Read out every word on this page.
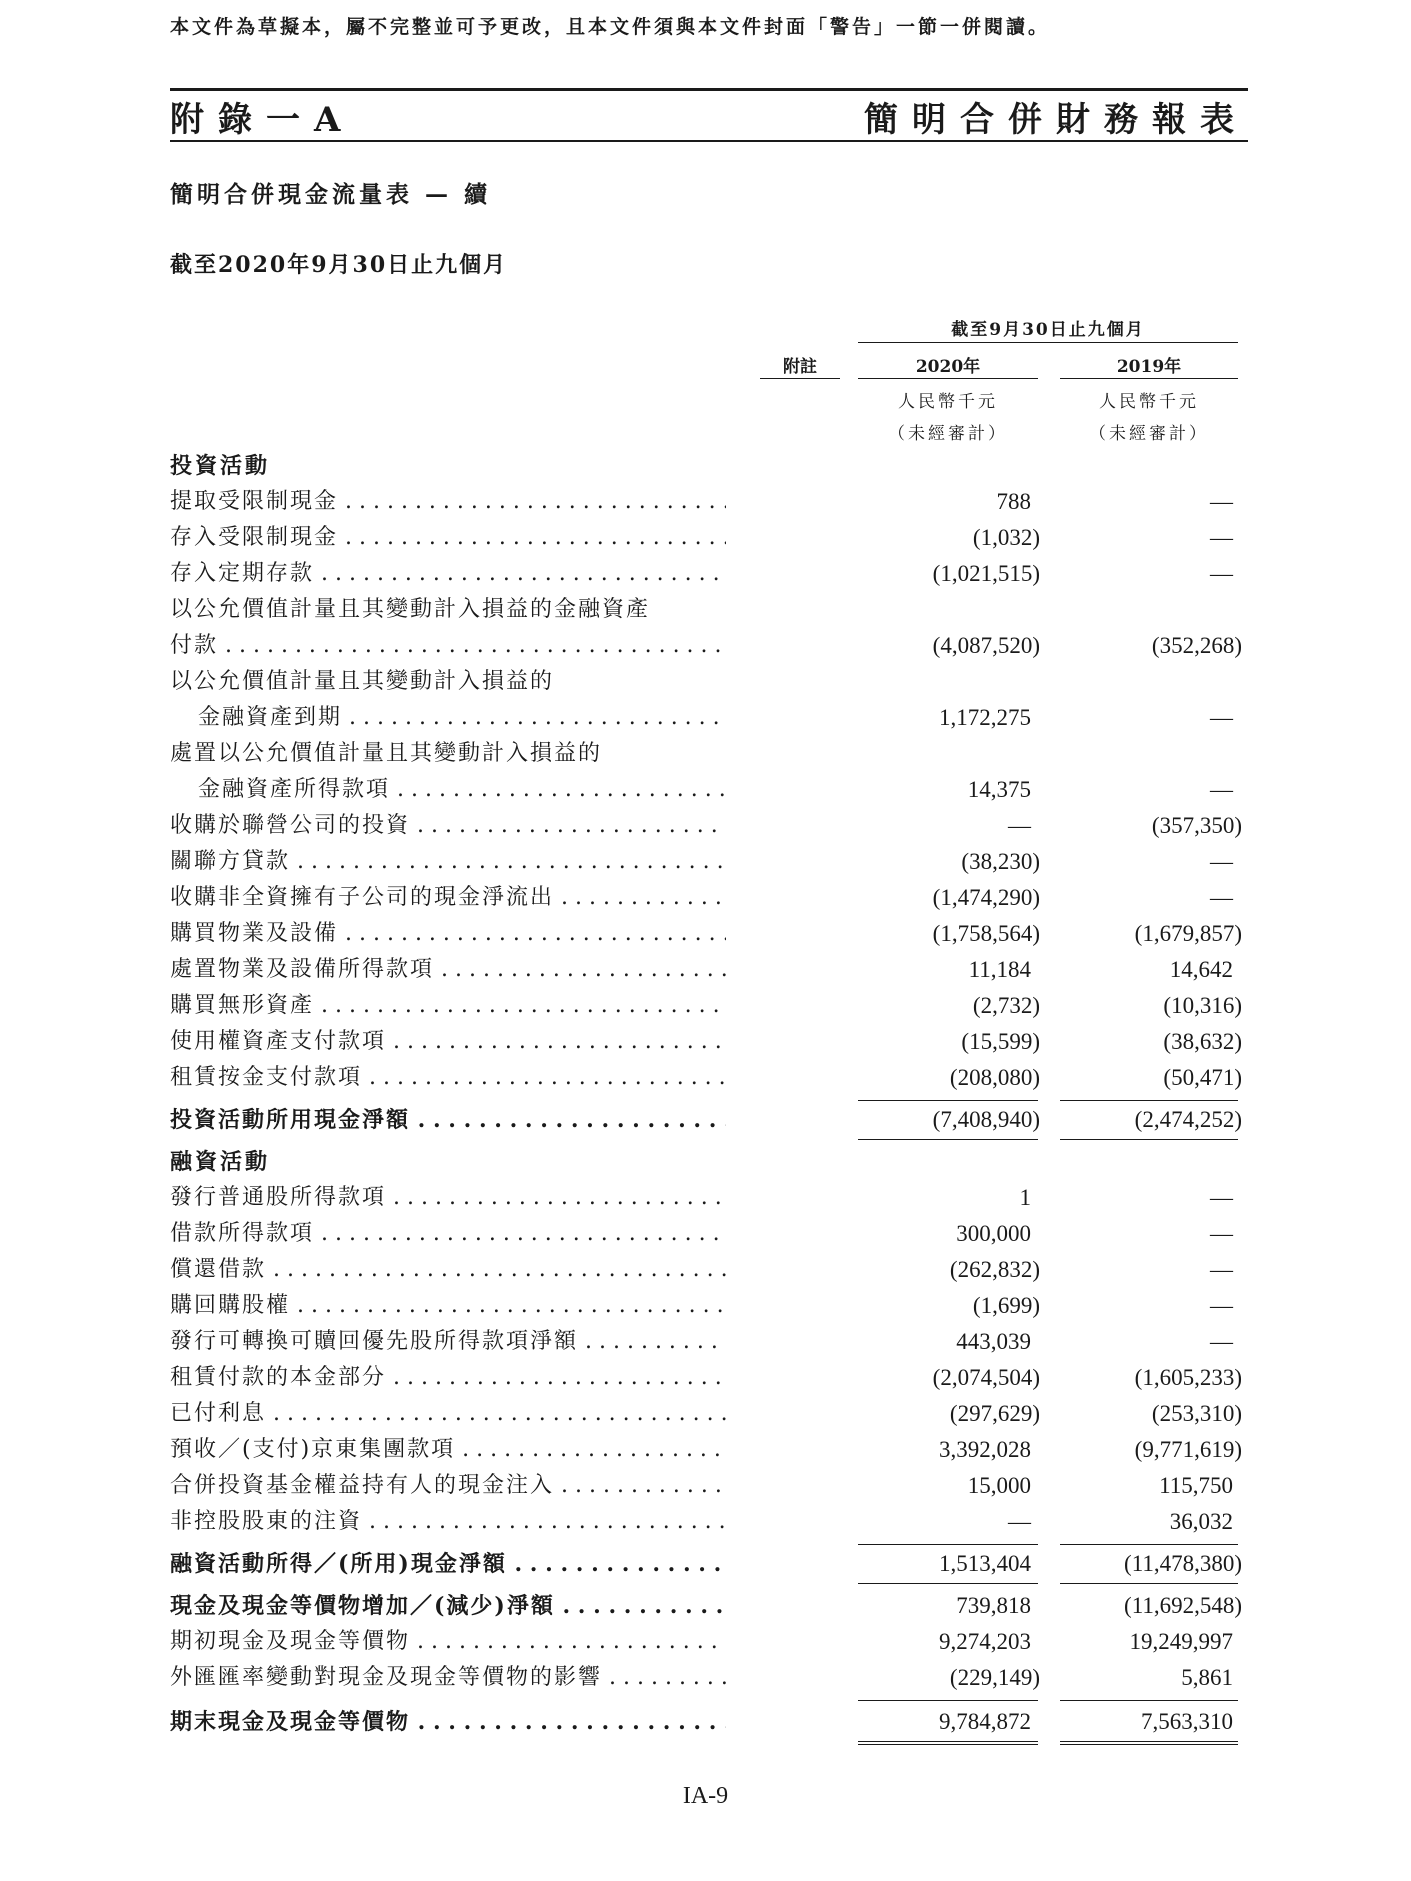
本文件為草擬本，屬不完整並可予更改，且本文件須與本文件封面「警告」一節一併閱讀。
附錄一A	簡明合併財務報表
簡明合併現金流量表 — 續
截至2020年9月30日止九個月
截至9月30日止九個月
附註	2020年	2019年
人民幣千元
（未經審計）
人民幣千元
（未經審計）
投資活動
提取受限制現金 . . .	788	—
存入受限制現金 . . .	(1,032)	—
存入定期存款 . . .	(1,021,515)	—
以公允價值計量且其變動計入損益的金融資產
付款 . . .	(4,087,520)	(352,268)
以公允價值計量且其變動計入損益的
金融資產到期 . . .	1,172,275	—
處置以公允價值計量且其變動計入損益的
金融資產所得款項 . . .	14,375	—
收購於聯營公司的投資 . . .	—	(357,350)
關聯方貸款 . . .	(38,230)	—
收購非全資擁有子公司的現金淨流出 . . .	(1,474,290)	—
購買物業及設備 . . .	(1,758,564)	(1,679,857)
處置物業及設備所得款項 . . .	11,184	14,642
購買無形資產 . . .	(2,732)	(10,316)
使用權資產支付款項 . . .	(15,599)	(38,632)
租賃按金支付款項 . . .	(208,080)	(50,471)
投資活動所用現金淨額 . . .	(7,408,940)	(2,474,252)
融資活動
發行普通股所得款項 . . .	1	—
借款所得款項 . . .	300,000	—
償還借款 . . .	(262,832)	—
購回購股權 . . .	(1,699)	—
發行可轉換可贖回優先股所得款項淨額 . . .	443,039	—
租賃付款的本金部分 . . .	(2,074,504)	(1,605,233)
已付利息 . . .	(297,629)	(253,310)
預收／(支付)京東集團款項 . . .	3,392,028	(9,771,619)
合併投資基金權益持有人的現金注入 . . .	15,000	115,750
非控股股東的注資 . . .	—	36,032
融資活動所得／(所用)現金淨額 . . .	1,513,404	(11,478,380)
現金及現金等價物增加／(減少)淨額 . . .	739,818	(11,692,548)
期初現金及現金等價物 . . .	9,274,203	19,249,997
外匯匯率變動對現金及現金等價物的影響 . . .	(229,149)	5,861
期末現金及現金等價物 . . .	9,784,872	7,563,310
IA-9
